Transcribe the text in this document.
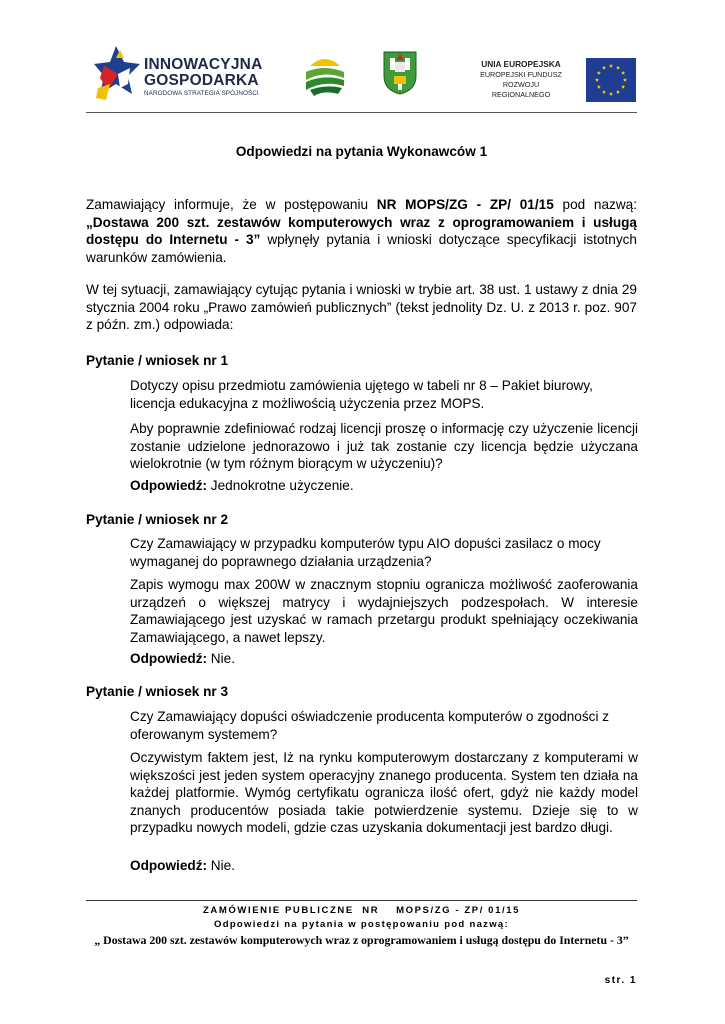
INNOWACYJNA
GOSPODARKA
NARODOWA STRATEGIA SPÓJNOŚCI
UNIA EUROPEJSKA
EUROPEJSKI FUNDUSZ
ROZWOJU REGIONALNEGO
Odpowiedzi na pytania Wykonawców 1
Zamawiający informuje, że w postępowaniu NR MOPS/ZG - ZP/ 01/15 pod nazwą: „Dostawa 200 szt. zestawów komputerowych wraz z oprogramowaniem i usługą dostępu do Internetu - 3” wpłynęły pytania i wnioski dotyczące specyfikacji istotnych warunków zamówienia.
W tej sytuacji, zamawiający cytując pytania i wnioski w trybie art. 38 ust. 1 ustawy z dnia 29 stycznia 2004 roku „Prawo zamówień publicznych” (tekst jednolity Dz. U. z 2013 r. poz. 907 z późn. zm.) odpowiada:
Pytanie / wniosek nr 1
Dotyczy opisu przedmiotu zamówienia ujętego w tabeli nr 8 – Pakiet biurowy, licencja edukacyjna z możliwością użyczenia przez MOPS.
Aby poprawnie zdefiniować rodzaj licencji proszę o informację czy użyczenie licencji zostanie udzielone jednorazowo i już tak zostanie czy licencja będzie użyczana wielokrotnie (w tym różnym biorącym w użyczeniu)?
Odpowiedź: Jednokrotne użyczenie.
Pytanie / wniosek nr 2
Czy Zamawiający w przypadku komputerów typu AIO dopuści zasilacz o mocy wymaganej do poprawnego działania urządzenia?
Zapis wymogu max 200W w znacznym stopniu ogranicza możliwość zaoferowania urządzeń o większej matrycy i wydajniejszych podzespołach. W interesie Zamawiającego jest uzyskać w ramach przetargu produkt spełniający oczekiwania Zamawiającego, a nawet lepszy.
Odpowiedź: Nie.
Pytanie / wniosek nr 3
Czy Zamawiający dopuści oświadczenie producenta komputerów o zgodności z oferowanym systemem?
Oczywistym faktem jest, Iż na rynku komputerowym dostarczany z komputerami w większości jest jeden system operacyjny znanego producenta. System ten działa na każdej platformie. Wymóg certyfikatu ogranicza ilość ofert, gdyż nie każdy model znanych producentów posiada takie potwierdzenie systemu. Dzieje się to w przypadku nowych modeli, gdzie czas uzyskania dokumentacji jest bardzo długi.
Odpowiedź: Nie.
ZAMÓWIENIE PUBLICZNE  NR    MOPS/ZG - ZP/ 01/15
Odpowiedzi na pytania w postępowaniu pod nazwą:
„ Dostawa 200 szt. zestawów komputerowych wraz z oprogramowaniem i usługą dostępu do Internetu - 3”
str. 1
